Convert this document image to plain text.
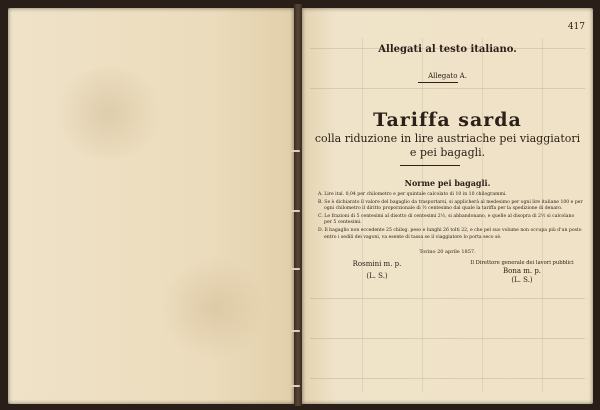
417
Allegati al testo italiano.
Allegato A.
Tariffa sarda
colla riduzione in lire austriache pei viaggiatori e pei bagagli.
Norme pei bagagli.

A. Lire ital. 0,04 per chilometro e per quintale calcolato di 10 in 10 chilogrammi.

B. Se è dichiarato il valore del bagaglio da trasportarsi, si applicherà al medesimo per ogni lire italiane 100 e per ogni chilometro il diritto proporzionale di ½ centesimo dal quale la tariffa per la spedizione di denaro.

C. Le frazioni di 5 centesimi al disotto di centesimi 2½, si abbandonano, e quelle al disopra di 2½ si calcolano per 5 centesimi.

D. Il bagaglio non eccedente 25 chilog. peso e lunghi 26 tolti 22, e che pel suo volume non occupa più d'un posto entro i sedili dei vagoni, va esente di tassa se il viaggiatore lo porta seco sè.

Torino 20 aprile 1857.
Rosmini m. p.
(L. S.)
Il Direttore generale dei lavori pubblici
Bona m. p.
(L. S.)
